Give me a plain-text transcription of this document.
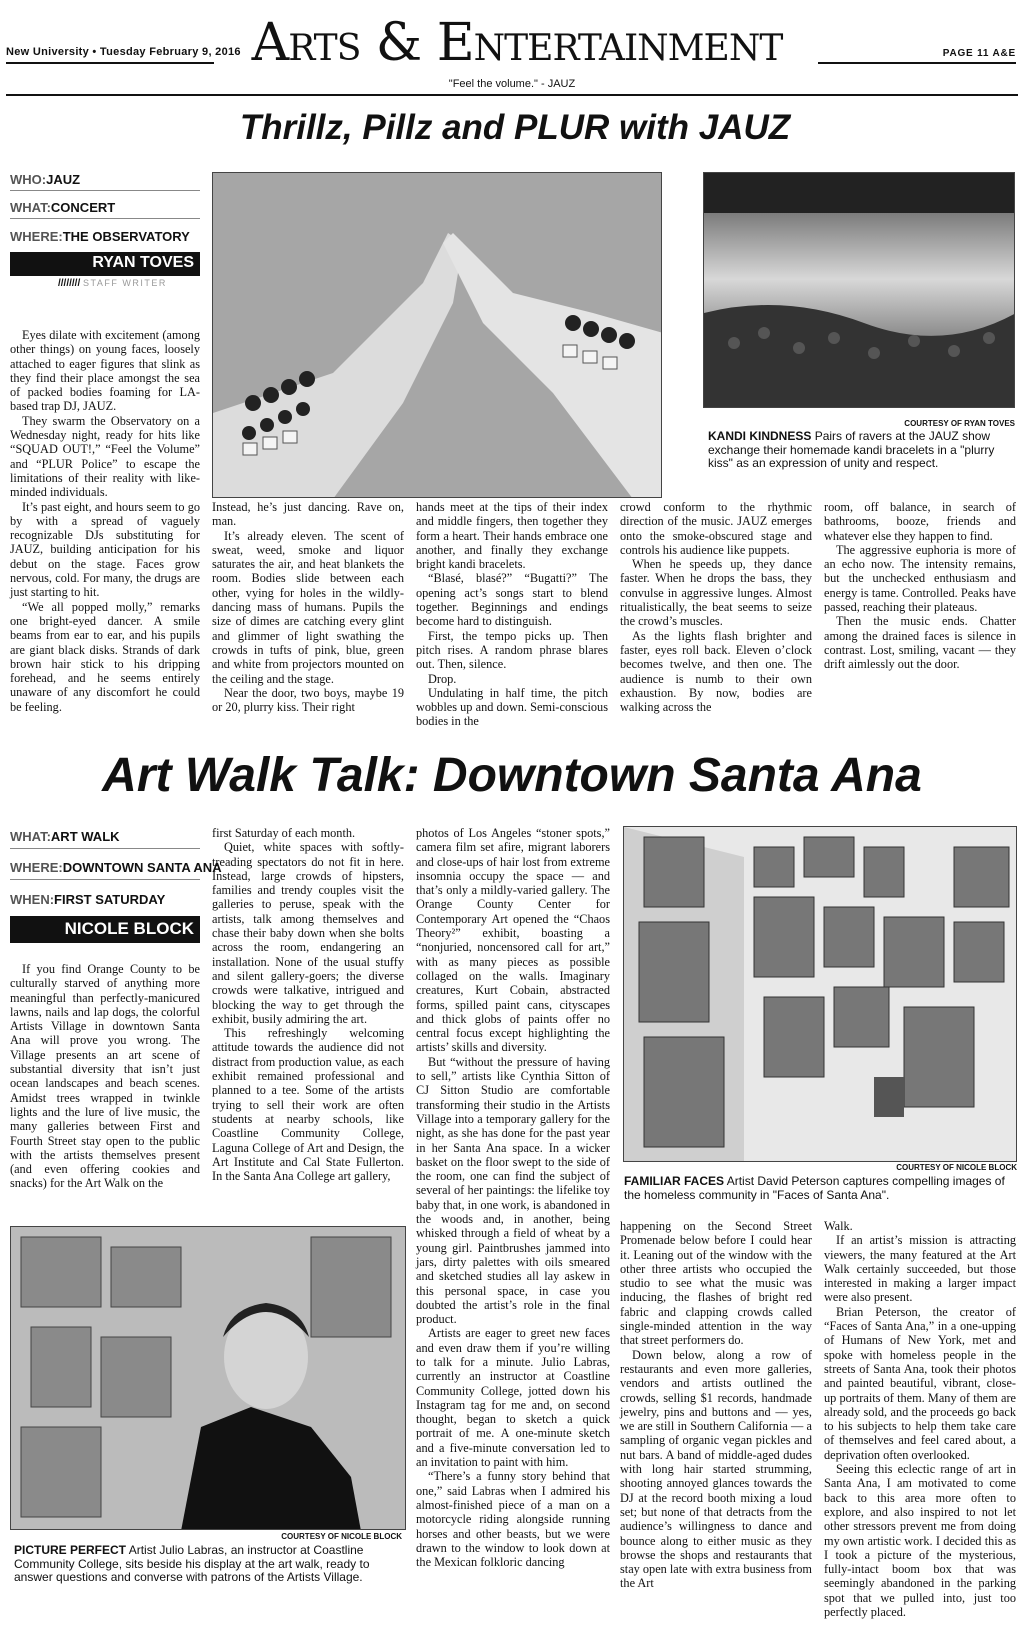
New University • Tuesday February 9, 2016 Arts & Entertainment	PAGE 11 A&E
"Feel the volume." - JAUZ
Thrillz, Pillz and PLUR with JAUZ
WHO:JAUZ
WHAT:CONCERT
WHERE:THE OBSERVATORY
RYAN TOVES
//////// STAFF WRITER
COURTESY OF RYAN TOVES
KANDI KINDNESS Pairs of ravers at the JAUZ show exchange their homemade kandi bracelets in a "plurry kiss" as an expression of unity and respect.

Eyes dilate with excitement (among other things) on young faces, loosely attached to eager figures that slink as they find their place amongst the sea of packed bodies foaming for LA-based trap DJ, JAUZ.

They swarm the Observatory on a Wednesday night, ready for hits like “SQUAD OUT!,” “Feel the Volume” and “PLUR Police” to escape the limitations of their reality with like-minded individuals.

It’s past eight, and hours seem to go by with a spread of vaguely recognizable DJs substituting for JAUZ, building anticipation for his debut on the stage. Faces grow nervous, cold. For many, the drugs are just starting to hit.

“We all popped molly,” remarks one bright-eyed dancer. A smile beams from ear to ear, and his pupils are giant black disks. Strands of dark brown hair stick to his dripping forehead, and he seems entirely unaware of any discomfort he could be feeling.

Instead, he’s just dancing. Rave on, man.

It’s already eleven. The scent of sweat, weed, smoke and liquor saturates the air, and heat blankets the room. Bodies slide between each other, vying for holes in the wildly-dancing mass of humans. Pupils the size of dimes are catching every glint and glimmer of light swathing the crowds in tufts of pink, blue, green and white from projectors mounted on the ceiling and the stage.

Near the door, two boys, maybe 19 or 20, plurry kiss. Their right

hands meet at the tips of their index and middle fingers, then together they form a heart. Their hands embrace one another, and finally they exchange bright kandi bracelets.

“Blasé, blasé?” “Bugatti?” The opening act’s songs start to blend together. Beginnings and endings become hard to distinguish.

First, the tempo picks up. Then pitch rises. A random phrase blares out. Then, silence.

Drop.

Undulating in half time, the pitch wobbles up and down. Semi-conscious bodies in the

crowd conform to the rhythmic direction of the music. JAUZ emerges onto the smoke-obscured stage and controls his audience like puppets.

When he speeds up, they dance faster. When he drops the bass, they convulse in aggressive lunges. Almost ritualistically, the beat seems to seize the crowd’s muscles.

As the lights flash brighter and faster, eyes roll back. Eleven o’clock becomes twelve, and then one. The audience is numb to their own exhaustion. By now, bodies are walking across the

room, off balance, in search of bathrooms, booze, friends and whatever else they happen to find.

The aggressive euphoria is more of an echo now. The intensity remains, but the unchecked enthusiasm and energy is tame. Controlled. Peaks have passed, reaching their plateaus.

Then the music ends. Chatter among the drained faces is silence in contrast. Lost, smiling, vacant — they drift aimlessly out the door.

Art Walk Talk: Downtown Santa Ana
WHAT:ART WALK
WHERE:DOWNTOWN SANTA ANA
WHEN:FIRST SATURDAY
NICOLE BLOCK
COURTESY OF NICOLE BLOCK
FAMILIAR FACES Artist David Peterson captures compelling images of the homeless community in "Faces of Santa Ana".
COURTESY OF NICOLE BLOCK
PICTURE PERFECT Artist Julio Labras, an instructor at Coastline Community College, sits beside his display at the art walk, ready to answer questions and converse with patrons of the Artists Village.

If you find Orange County to be culturally starved of anything more meaningful than perfectly-manicured lawns, nails and lap dogs, the colorful Artists Village in downtown Santa Ana will prove you wrong. The Village presents an art scene of substantial diversity that isn’t just ocean landscapes and beach scenes. Amidst trees wrapped in twinkle lights and the lure of live music, the many galleries between First and Fourth Street stay open to the public with the artists themselves present (and even offering cookies and snacks) for the Art Walk on the

first Saturday of each month.

Quiet, white spaces with softly-treading spectators do not fit in here. Instead, large crowds of hipsters, families and trendy couples visit the galleries to peruse, speak with the artists, talk among themselves and chase their baby down when she bolts across the room, endangering an installation. None of the usual stuffy and silent gallery-goers; the diverse crowds were talkative, intrigued and blocking the way to get through the exhibit, busily admiring the art.

This refreshingly welcoming attitude towards the audience did not distract from production value, as each exhibit remained professional and planned to a tee. Some of the artists trying to sell their work are often students at nearby schools, like Coastline Community College, Laguna College of Art and Design, the Art Institute and Cal State Fullerton. In the Santa Ana College art gallery,

photos of Los Angeles “stoner spots,” camera film set afire, migrant laborers and close-ups of hair lost from extreme insomnia occupy the space — and that’s only a mildly-varied gallery. The Orange County Center for Contemporary Art opened the “Chaos Theory²” exhibit, boasting a “nonjuried, noncensored call for art,” with as many pieces as possible collaged on the walls. Imaginary creatures, Kurt Cobain, abstracted forms, spilled paint cans, cityscapes and thick globs of paints offer no central focus except highlighting the artists’ skills and diversity.

But “without the pressure of having to sell,” artists like Cynthia Sitton of CJ Sitton Studio are comfortable transforming their studio in the Artists Village into a temporary gallery for the night, as she has done for the past year in her Santa Ana space. In a wicker basket on the floor swept to the side of the room, one can find the subject of several of her paintings: the lifelike toy baby that, in one work, is abandoned in the woods and, in another, being whisked through a field of wheat by a young girl. Paintbrushes jammed into jars, dirty palettes with oils smeared and sketched studies all lay askew in this personal space, in case you doubted the artist’s role in the final product.

Artists are eager to greet new faces and even draw them if you’re willing to talk for a minute. Julio Labras, currently an instructor at Coastline Community College, jotted down his Instagram tag for me and, on second thought, began to sketch a quick portrait of me. A one-minute sketch and a five-minute conversation led to an invitation to paint with him.

“There’s a funny story behind that one,” said Labras when I admired his almost-finished piece of a man on a motorcycle riding alongside running horses and other beasts, but we were drawn to the window to look down at the Mexican folkloric dancing

happening on the Second Street Promenade below before I could hear it. Leaning out of the window with the other three artists who occupied the studio to see what the music was inducing, the flashes of bright red fabric and clapping crowds called single-minded attention in the way that street performers do.

Down below, along a row of restaurants and even more galleries, vendors and artists outlined the crowds, selling $1 records, handmade jewelry, pins and buttons and — yes, we are still in Southern California — a sampling of organic vegan pickles and nut bars. A band of middle-aged dudes with long hair started strumming, shooting annoyed glances towards the DJ at the record booth mixing a loud set; but none of that detracts from the audience’s willingness to dance and bounce along to either music as they browse the shops and restaurants that stay open late with extra business from the Art

Walk.

If an artist’s mission is attracting viewers, the many featured at the Art Walk certainly succeeded, but those interested in making a larger impact were also present.

Brian Peterson, the creator of “Faces of Santa Ana,” in a one-upping of Humans of New York, met and spoke with homeless people in the streets of Santa Ana, took their photos and painted beautiful, vibrant, close-up portraits of them. Many of them are already sold, and the proceeds go back to his subjects to help them take care of themselves and feel cared about, a deprivation often overlooked.

Seeing this eclectic range of art in Santa Ana, I am motivated to come back to this area more often to explore, and also inspired to not let other stressors prevent me from doing my own artistic work. I decided this as I took a picture of the mysterious, fully-intact boom box that was seemingly abandoned in the parking spot that we pulled into, just too perfectly placed.
